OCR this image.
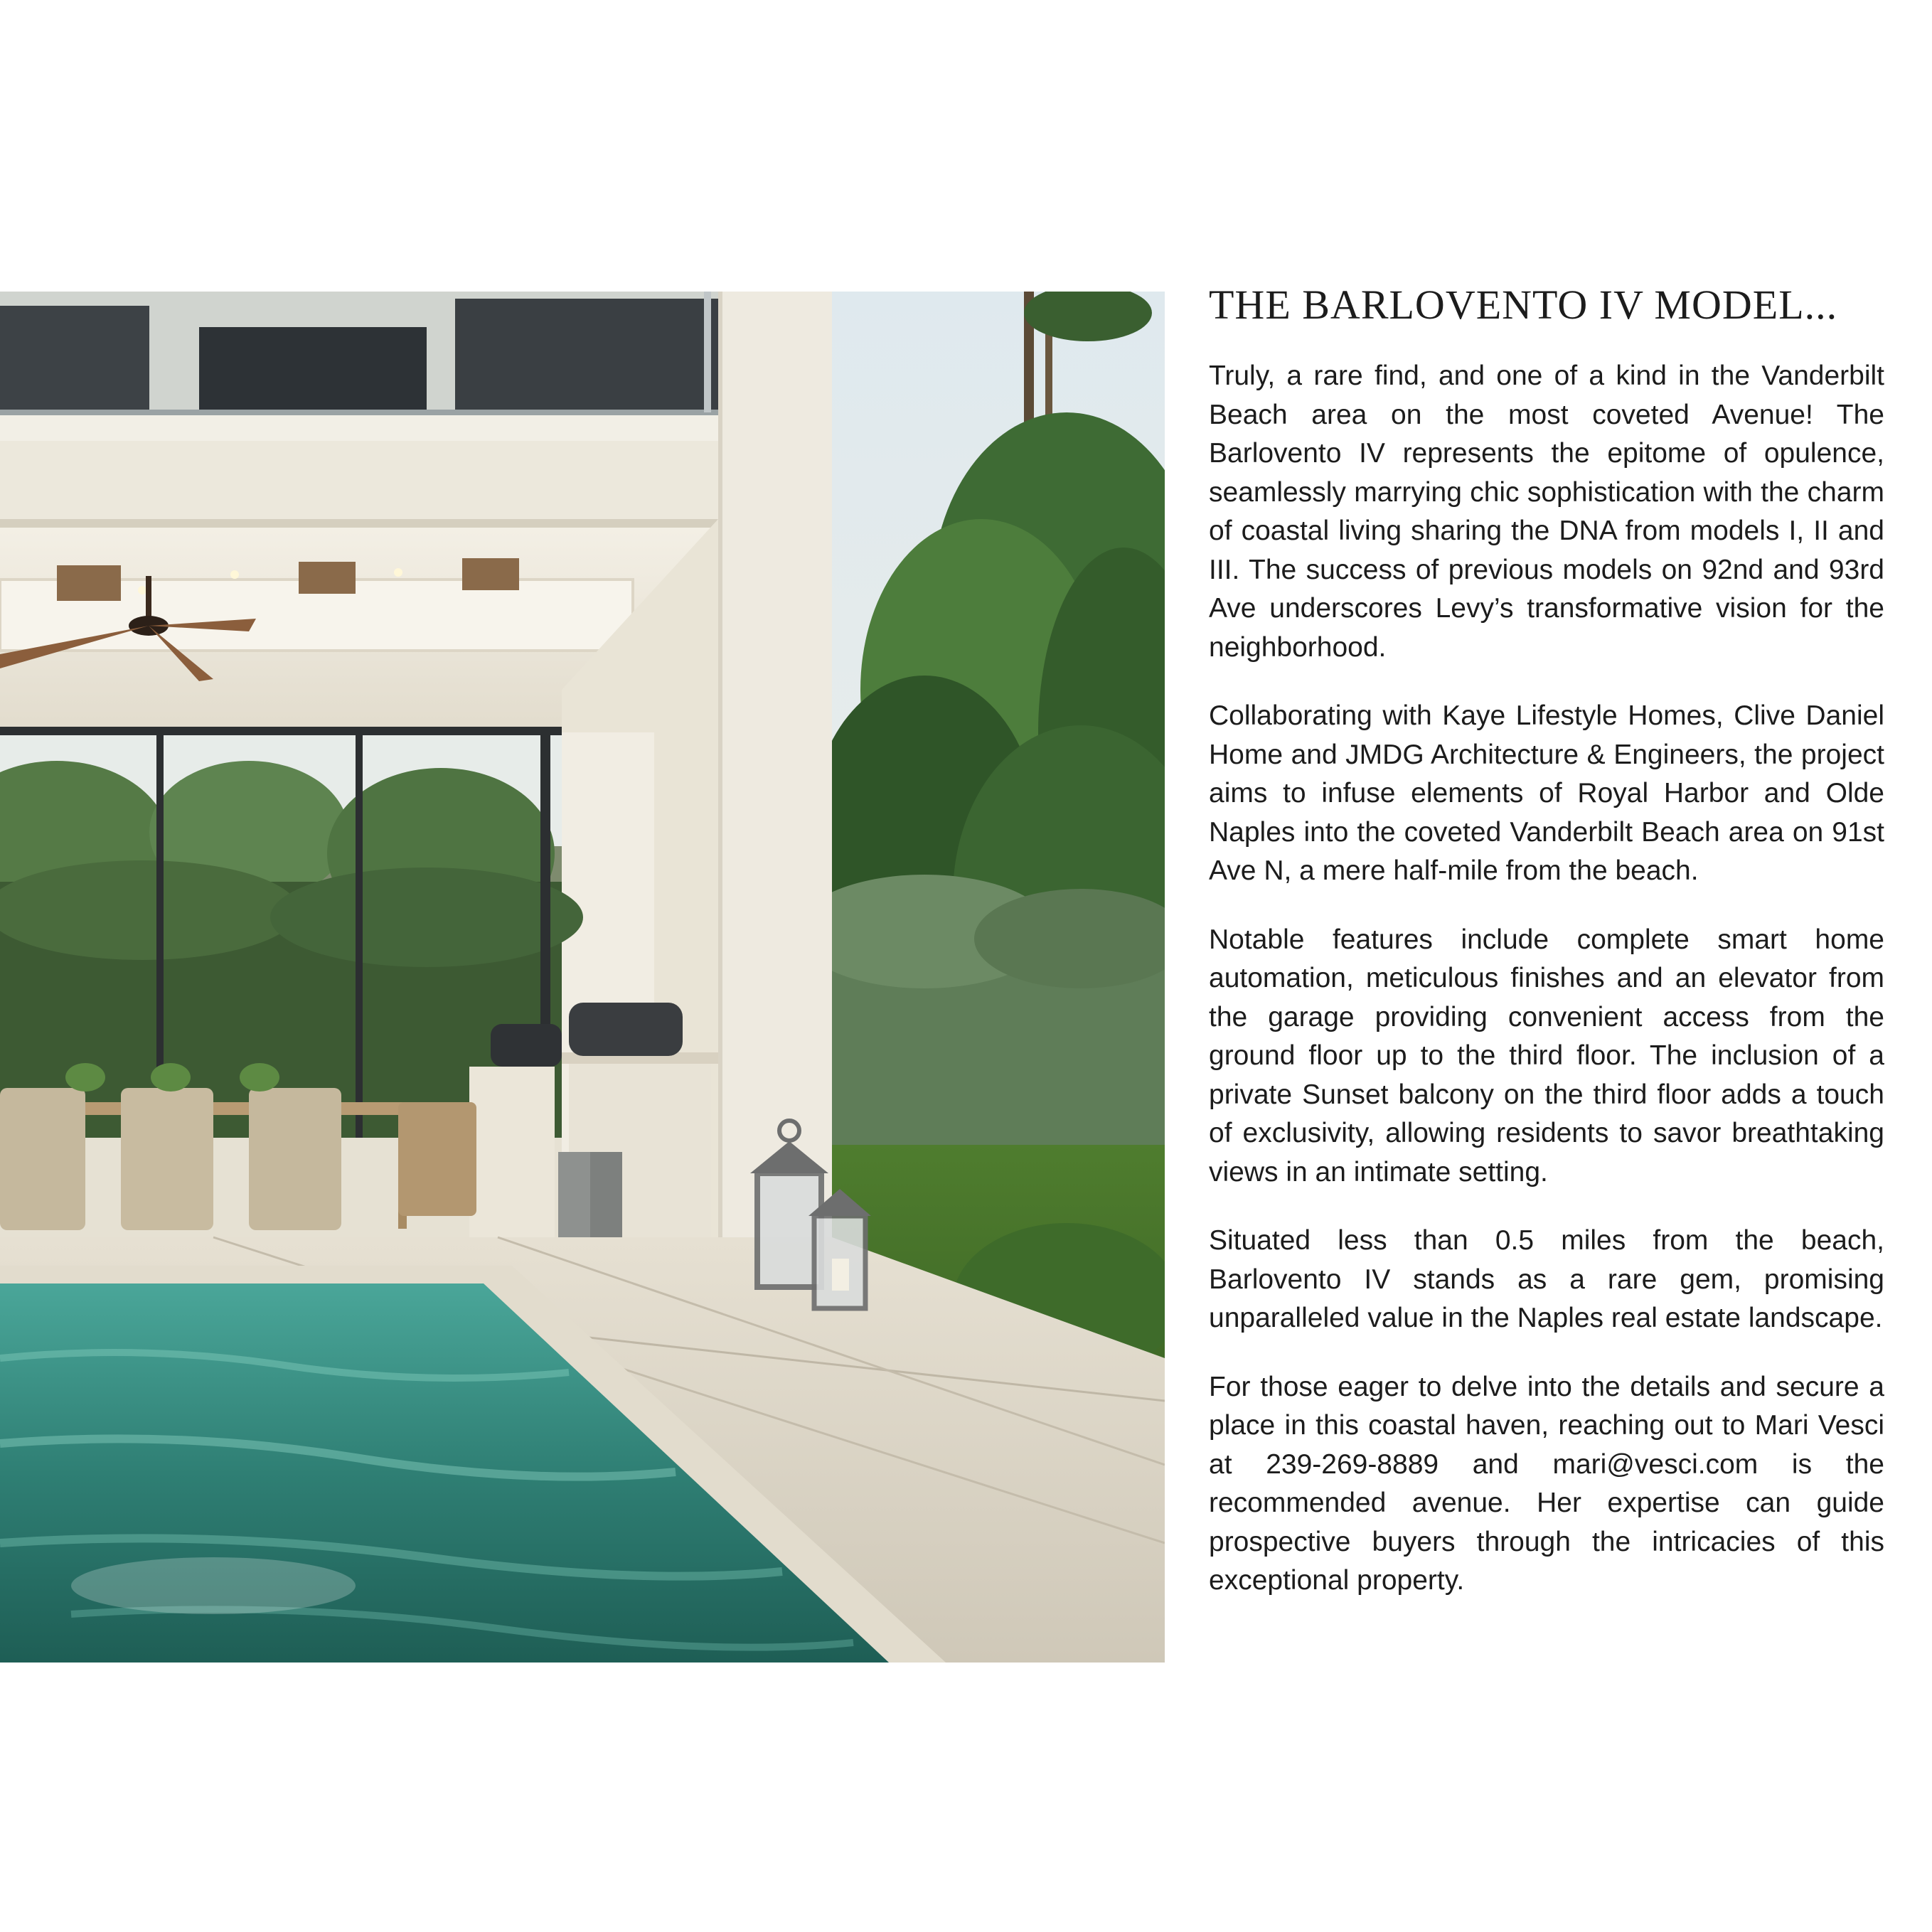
THE BARLOVENTO IV MODEL...

Truly, a rare find, and one of a kind in the Vanderbilt Beach area on the most coveted Avenue! The Barlovento IV represents the epitome of opulence, seamlessly marrying chic sophistication with the charm of coastal living sharing the DNA from models I, II and III. The success of previous models on 92nd and 93rd Ave underscores Levy’s transformative vision for the neighborhood.

Collaborating with Kaye Lifestyle Homes, Clive Daniel Home and JMDG Architecture & Engineers, the project aims to infuse elements of Royal Harbor and Olde Naples into the coveted Vanderbilt Beach area on 91st Ave N, a mere half-mile from the beach.

Notable features include complete smart home automation, meticulous finishes and an elevator from the garage providing convenient access from the ground floor up to the third floor. The inclusion of a private Sunset balcony on the third floor adds a touch of exclusivity, allowing residents to savor breathtaking views in an intimate setting.

Situated less than 0.5 miles from the beach, Barlovento IV stands as a rare gem, promising unparalleled value in the Naples real estate landscape.

For those eager to delve into the details and secure a place in this coastal haven, reaching out to Mari Vesci at 239-269-8889 and mari@vesci.com is the recommended avenue. Her expertise can guide prospective buyers through the intricacies of this exceptional property.
